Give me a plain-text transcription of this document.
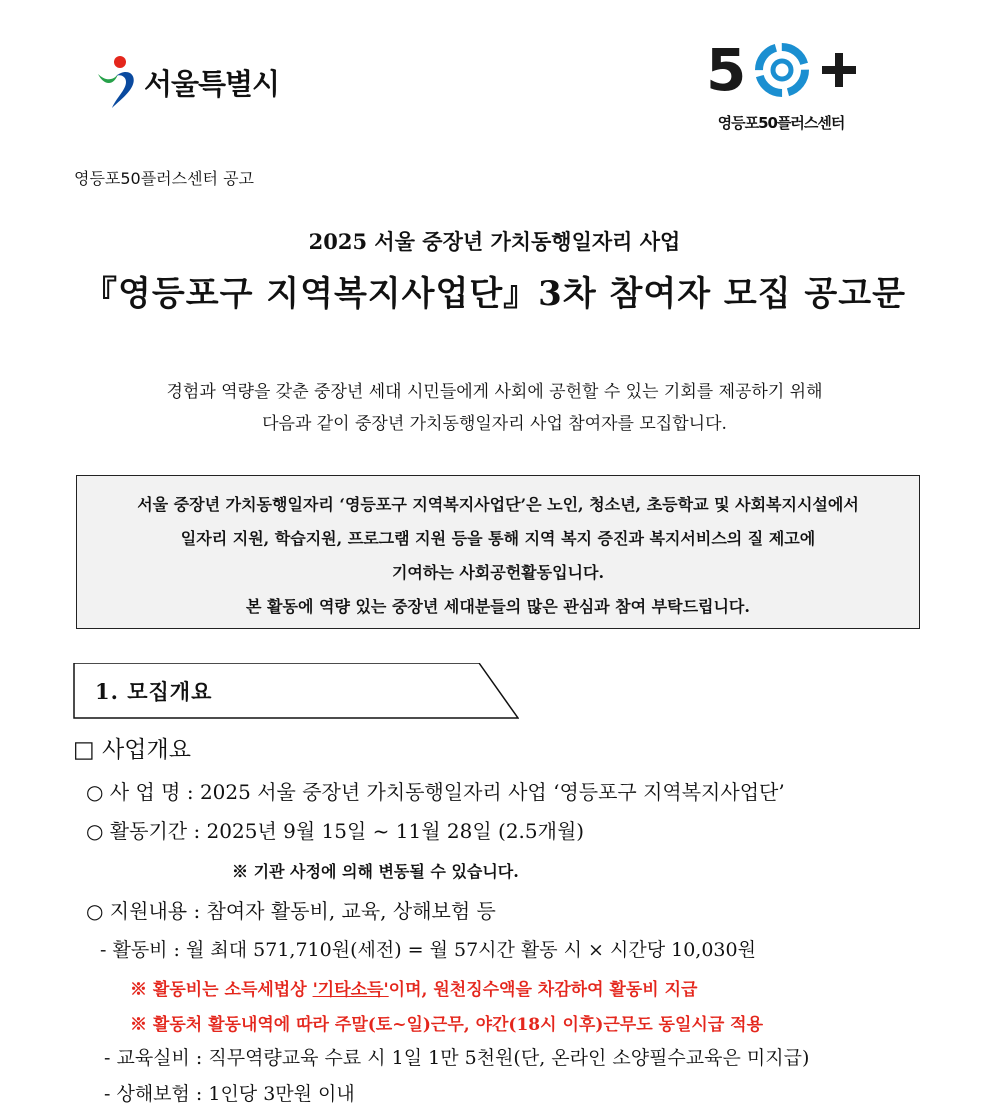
서울특별시	5
영등포50플러스센터
영등포50플러스센터 공고
2025 서울 중장년 가치동행일자리 사업
『영등포구 지역복지사업단』3차 참여자 모집 공고문
경험과 역량을 갖춘 중장년 세대 시민들에게 사회에 공헌할 수 있는 기회를 제공하기 위해
다음과 같이 중장년 가치동행일자리 사업 참여자를 모집합니다.
서울 중장년 가치동행일자리 ‘영등포구 지역복지사업단’은 노인, 청소년, 초등학교 및 사회복지시설에서
일자리 지원, 학습지원, 프로그램 지원 등을 통해 지역 복지 증진과 복지서비스의 질 제고에
기여하는 사회공헌활동입니다.
본 활동에 역량 있는 중장년 세대분들의 많은 관심과 참여 부탁드립니다.
1. 모집개요
□ 사업개요
○ 사 업 명 : 2025 서울 중장년 가치동행일자리 사업 ‘영등포구 지역복지사업단’
○ 활동기간 : 2025년 9월 15일 ~ 11월 28일 (2.5개월)
※ 기관 사정에 의해 변동될 수 있습니다.
○ 지원내용 : 참여자 활동비, 교육, 상해보험 등
- 활동비 : 월 최대 571,710원(세전) = 월 57시간 활동 시 × 시간당 10,030원
※ 활동비는 소득세법상 '기타소득'이며, 원천징수액을 차감하여 활동비 지급
※ 활동처 활동내역에 따라 주말(토~일)근무, 야간(18시 이후)근무도 동일시급 적용
- 교육실비 : 직무역량교육 수료 시 1일 1만 5천원(단, 온라인 소양필수교육은 미지급)
- 상해보험 : 1인당 3만원 이내
